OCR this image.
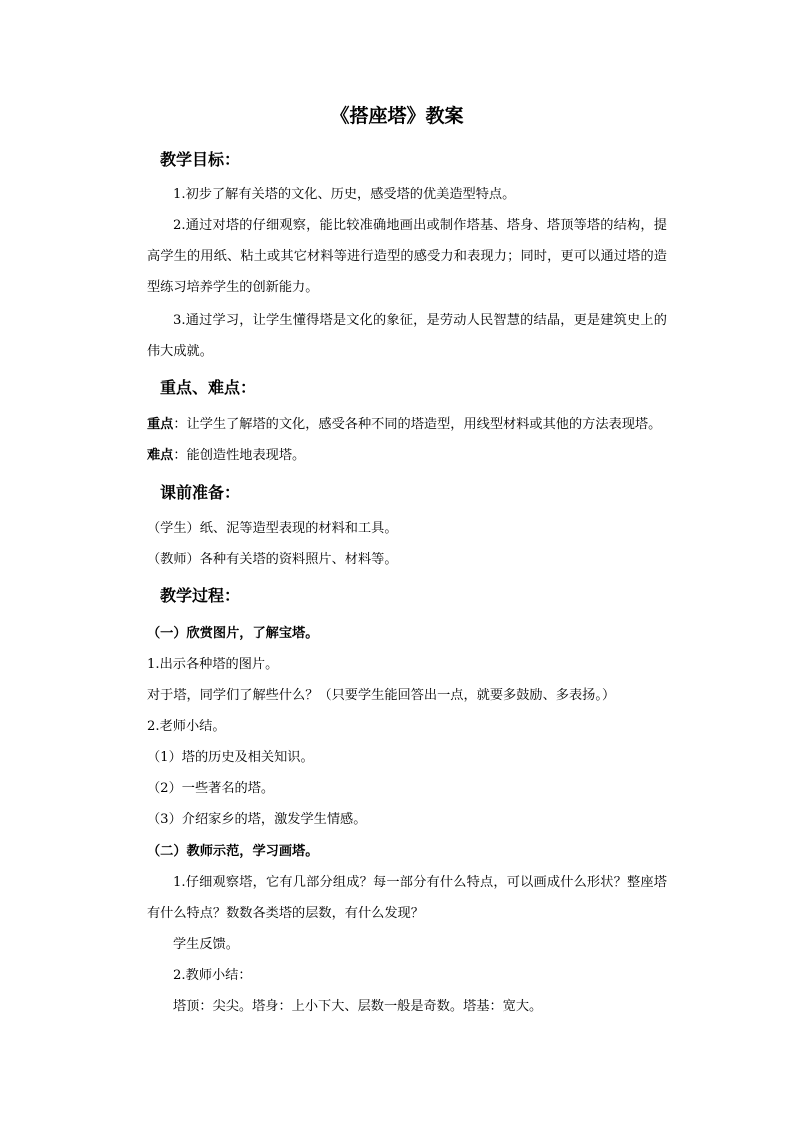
《搭座塔》教案
教学目标：
1.初步了解有关塔的文化、历史，感受塔的优美造型特点。
2.通过对塔的仔细观察，能比较准确地画出或制作塔基、塔身、塔顶等塔的结构，提高学生的用纸、粘土或其它材料等进行造型的感受力和表现力；同时，更可以通过塔的造型练习培养学生的创新能力。
3.通过学习，让学生懂得塔是文化的象征，是劳动人民智慧的结晶，更是建筑史上的伟大成就。
重点、难点：
重点：让学生了解塔的文化，感受各种不同的塔造型，用线型材料或其他的方法表现塔。
难点：能创造性地表现塔。
课前准备：
（学生）纸、泥等造型表现的材料和工具。
（教师）各种有关塔的资料照片、材料等。
教学过程：
（一）欣赏图片，了解宝塔。
1.出示各种塔的图片。
对于塔，同学们了解些什么？（只要学生能回答出一点，就要多鼓励、多表扬。）
2.老师小结。
（1）塔的历史及相关知识。
（2）一些著名的塔。
（3）介绍家乡的塔，激发学生情感。
（二）教师示范，学习画塔。
1.仔细观察塔，它有几部分组成？每一部分有什么特点，可以画成什么形状？整座塔有什么特点？数数各类塔的层数，有什么发现？
学生反馈。
2.教师小结：
塔顶：尖尖。塔身：上小下大、层数一般是奇数。塔基：宽大。
